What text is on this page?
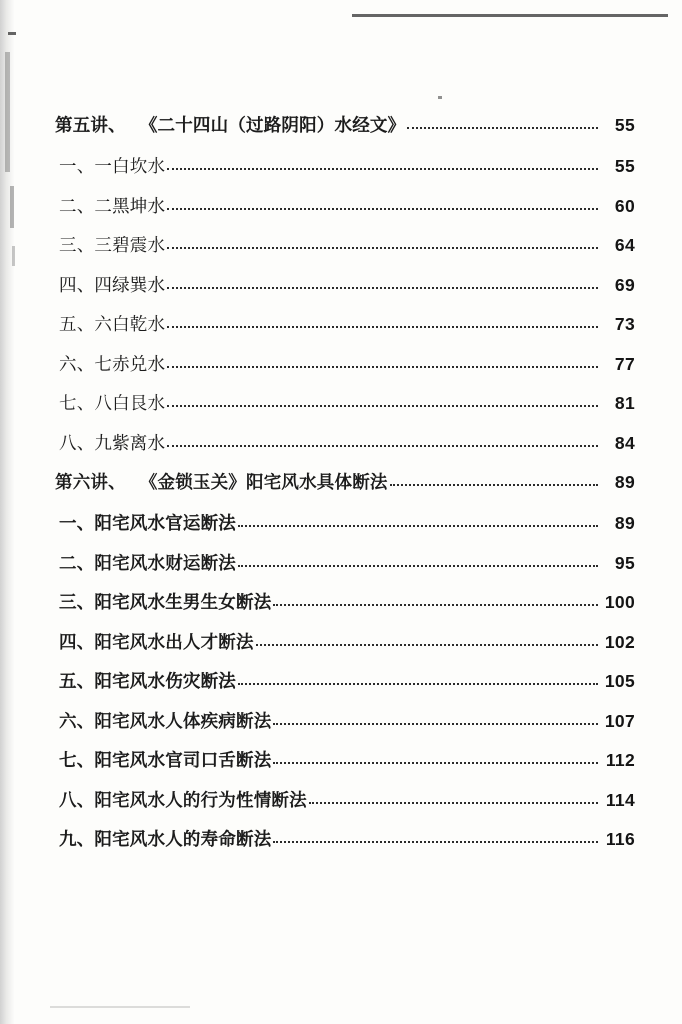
第五讲、 《二十四山（过路阴阳）水经文》	55
一、一白坎水	55
二、二黑坤水	60
三、三碧震水	64
四、四绿巽水	69
五、六白乾水	73
六、七赤兑水	77
七、八白艮水	81
八、九紫离水	84
第六讲、 《金锁玉关》阳宅风水具体断法	89
一、阳宅风水官运断法	89
二、阳宅风水财运断法	95
三、阳宅风水生男生女断法	100
四、阳宅风水出人才断法	102
五、阳宅风水伤灾断法	105
六、阳宅风水人体疾病断法	107
七、阳宅风水官司口舌断法	112
八、阳宅风水人的行为性情断法	114
九、阳宅风水人的寿命断法	116
